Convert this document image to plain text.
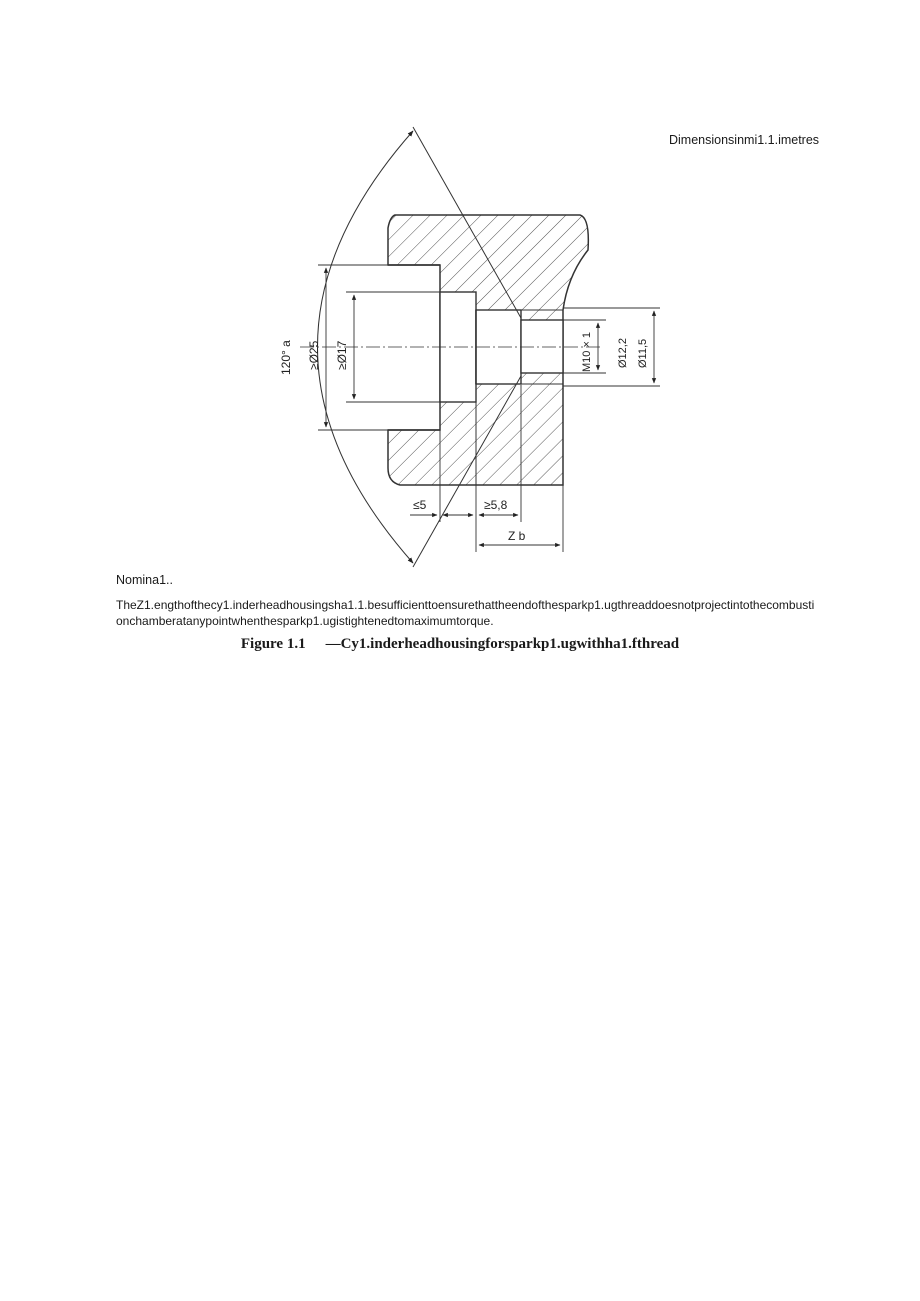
Dimensionsinmi1.1.imetres
120° a ≥Ø25 ≥Ø17	M10 × 1 Ø12,2 Ø11,5
≤5	≥5,8
Z b
Nomina1..
TheZ1.engthofthecy1.inderheadhousingsha1.1.besufficienttoensurethattheendofthesparkp1.ugthreaddoesnotprojectintothecombustionchamberatanypointwhenthesparkp1.ugistightenedtomaximumtorque.
Figure 1.1 —Cy1.inderheadhousingforsparkp1.ugwithha1.fthread
